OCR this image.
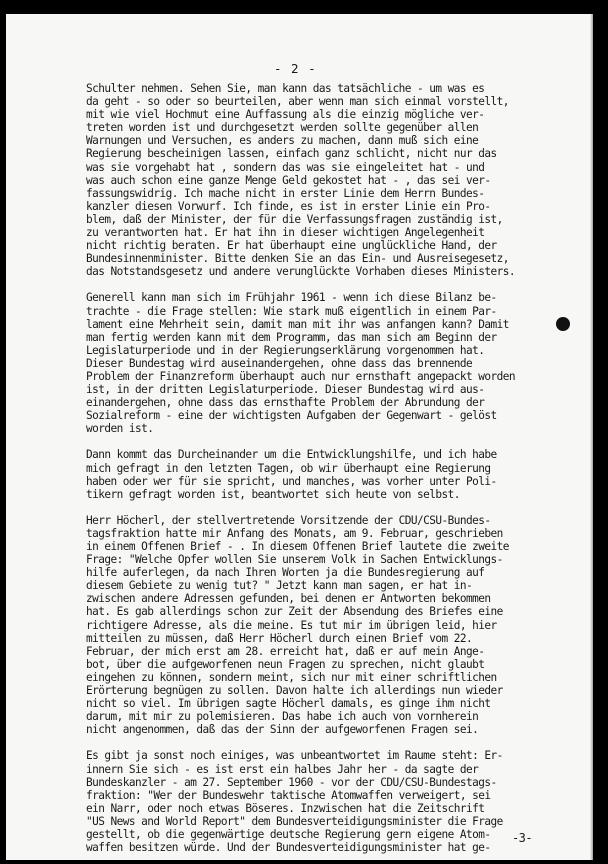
- 2 -

Schulter nehmen. Sehen Sie, man kann das tatsächliche - um was es
da geht - so oder so beurteilen, aber wenn man sich einmal vorstellt,
mit wie viel Hochmut eine Auffassung als die einzig mögliche ver-
treten worden ist und durchgesetzt werden sollte gegenüber allen
Warnungen und Versuchen, es anders zu machen, dann muß sich eine
Regierung bescheinigen lassen, einfach ganz schlicht, nicht nur das
was sie vorgehabt hat , sondern das was sie eingeleitet hat - und
was auch schon eine ganze Menge Geld gekostet hat - , das sei ver-
fassungswidrig. Ich mache nicht in erster Linie dem Herrn Bundes-
kanzler diesen Vorwurf. Ich finde, es ist in erster Linie ein Pro-
blem, daß der Minister, der für die Verfassungsfragen zuständig ist,
zu verantworten hat. Er hat ihn in dieser wichtigen Angelegenheit
nicht richtig beraten. Er hat überhaupt eine unglückliche Hand, der
Bundesinnenminister. Bitte denken Sie an das Ein- und Ausreisegesetz,
das Notstandsgesetz und andere verunglückte Vorhaben dieses Ministers.

Generell kann man sich im Frühjahr 1961 - wenn ich diese Bilanz be-
trachte - die Frage stellen: Wie stark muß eigentlich in einem Par-
lament eine Mehrheit sein, damit man mit ihr was anfangen kann? Damit
man fertig werden kann mit dem Programm, das man sich am Beginn der
Legislaturperiode und in der Regierungserklärung vorgenommen hat.
Dieser Bundestag wird auseinandergehen, ohne dass das brennende
Problem der Finanzreform überhaupt auch nur ernsthaft angepackt worden
ist, in der dritten Legislaturperiode. Dieser Bundestag wird aus-
einandergehen, ohne dass das ernsthafte Problem der Abrundung der
Sozialreform - eine der wichtigsten Aufgaben der Gegenwart - gelöst
worden ist.

Dann kommt das Durcheinander um die Entwicklungshilfe, und ich habe
mich gefragt in den letzten Tagen, ob wir überhaupt eine Regierung
haben oder wer für sie spricht, und manches, was vorher unter Poli-
tikern gefragt worden ist, beantwortet sich heute von selbst.

Herr Höcherl, der stellvertretende Vorsitzende der CDU/CSU-Bundes-
tagsfraktion hatte mir Anfang des Monats, am 9. Februar, geschrieben
in einem Offenen Brief - . In diesem Offenen Brief lautete die zweite
Frage: "Welche Opfer wollen Sie unserem Volk in Sachen Entwicklungs-
hilfe auferlegen, da nach Ihren Worten ja die Bundesregierung auf
diesem Gebiete zu wenig tut? " Jetzt kann man sagen, er hat in-
zwischen andere Adressen gefunden, bei denen er Antworten bekommen
hat. Es gab allerdings schon zur Zeit der Absendung des Briefes eine
richtigere Adresse, als die meine. Es tut mir im übrigen leid, hier
mitteilen zu müssen, daß Herr Höcherl durch einen Brief vom 22.
Februar, der mich erst am 28. erreicht hat, daß er auf mein Ange-
bot, über die aufgeworfenen neun Fragen zu sprechen, nicht glaubt
eingehen zu können, sondern meint, sich nur mit einer schriftlichen
Erörterung begnügen zu sollen. Davon halte ich allerdings nun wieder
nicht so viel. Im übrigen sagte Höcherl damals, es ginge ihm nicht
darum, mit mir zu polemisieren. Das habe ich auch von vornherein
nicht angenommen, daß das der Sinn der aufgeworfenen Fragen sei.

Es gibt ja sonst noch einiges, was unbeantwortet im Raume steht: Er-
innern Sie sich - es ist erst ein halbes Jahr her - da sagte der
Bundeskanzler - am 27. September 1960 - vor der CDU/CSU-Bundestags-
fraktion: "Wer der Bundeswehr taktische Atomwaffen verweigert, sei
ein Narr, oder noch etwas Böseres. Inzwischen hat die Zeitschrift
"US News and World Report" dem Bundesverteidigungsminister die Frage
gestellt, ob die gegenwärtige deutsche Regierung gern eigene Atom-
waffen besitzen würde. Und der Bundesverteidigungsminister hat ge-

-3-
